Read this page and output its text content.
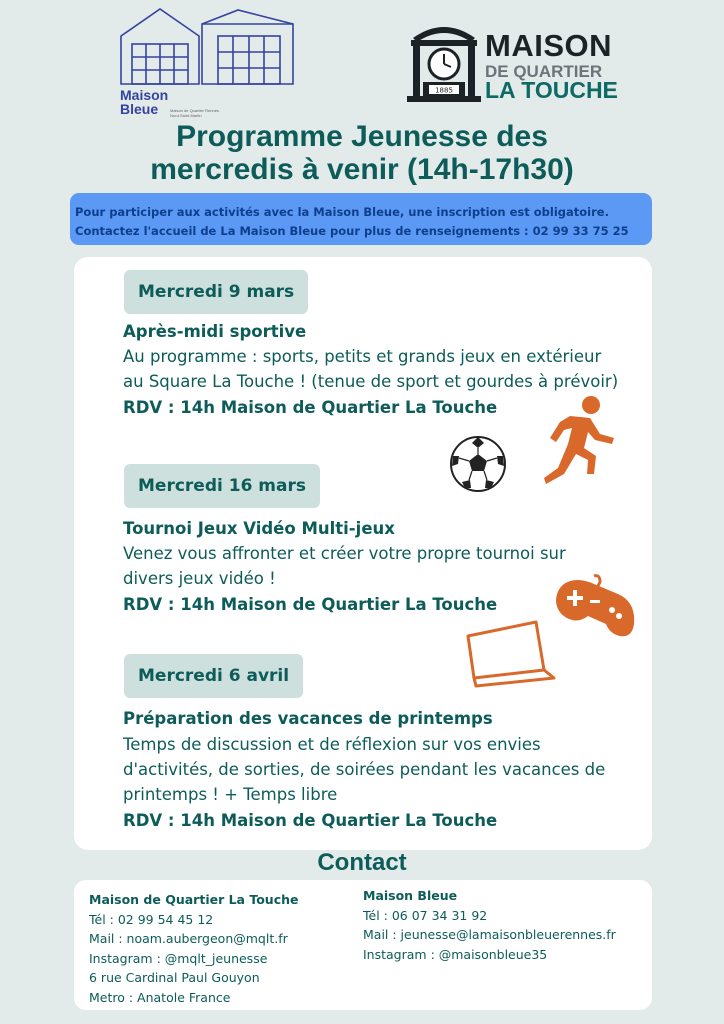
Maison
Bleue	Maison de Quartier Rennes Nord-Saint-Martin
1885
MAISON
DE QUARTIER
LA TOUCHE
Programme Jeunesse des
mercredis à venir (14h-17h30)
Pour participer aux activités avec la Maison Bleue, une inscription est obligatoire.
Contactez l'accueil de La Maison Bleue pour plus de renseignements : 02 99 33 75 25
Mercredi 9 mars
Après-midi sportive
Au programme : sports, petits et grands jeux en extérieur
au Square La Touche ! (tenue de sport et gourdes à prévoir)
RDV : 14h Maison de Quartier La Touche
Mercredi 16 mars
Tournoi Jeux Vidéo Multi-jeux
Venez vous affronter et créer votre propre tournoi sur
divers jeux vidéo !
RDV : 14h Maison de Quartier La Touche
Mercredi 6 avril
Préparation des vacances de printemps
Temps de discussion et de réflexion sur vos envies
d'activités, de sorties, de soirées pendant les vacances de
printemps ! + Temps libre
RDV : 14h Maison de Quartier La Touche
Contact
Maison de Quartier La Touche
Tél : 02 99 54 45 12
Mail : noam.aubergeon@mqlt.fr
Instagram : @mqlt_jeunesse
6 rue Cardinal Paul Gouyon
Metro : Anatole France
Maison Bleue
Tél : 06 07 34 31 92
Mail : jeunesse@lamaisonbleuerennes.fr
Instagram : @maisonbleue35
